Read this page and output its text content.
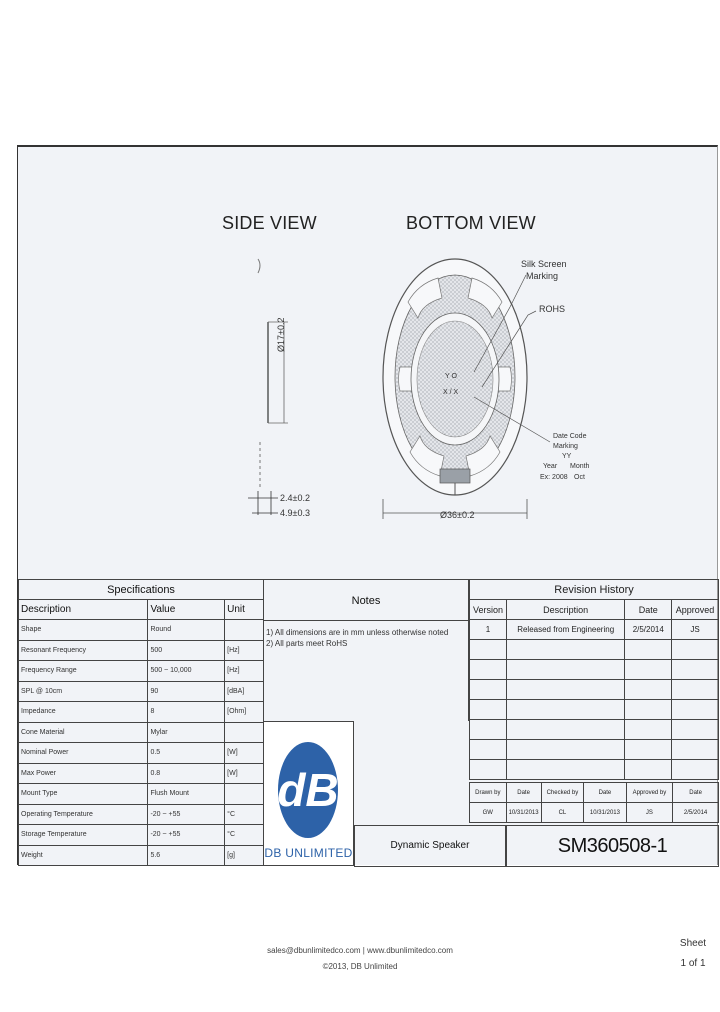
SIDE VIEW	BOTTOM VIEW
Ø17±0.2
2.4±0.2
4.9±0.3
Silk Screen
Marking
ROHS
Y O
X / X
Date Code
Marking
YY
Year Month
Ex: 2008 Oct
Ø36±0.2
Specifications		
Description	Value	Unit
Shape	Round	
Resonant Frequency	500	[Hz]
Frequency Range	500 ~ 10,000	[Hz]
SPL @ 10cm	90	[dBA]
Impedance	8	[Ohm]
Cone Material	Mylar	
Nominal Power	0.5	[W]
Max Power	0.8	[W]
Mount Type	Flush Mount	
Operating Temperature	-20 ~ +55	°C
Storage Temperature	-20 ~ +55	°C
Weight	5.6	[g]
Notes
1) All dimensions are in mm unless otherwise noted
2) All parts meet RoHS
dB
DB UNLIMITED
Revision History			
Version	Description	Date	Approved
1	Released from Engineering	2/5/2014	JS

Drawn by	Date	Checked by	Date	Approved by	Date
GW	10/31/2013	CL	10/31/2013	JS	2/5/2014
Dynamic Speaker	SM360508-1
sales@dbunlimitedco.com | www.dbunlimitedco.com
©2013, DB Unlimited
Sheet
1 of 1
